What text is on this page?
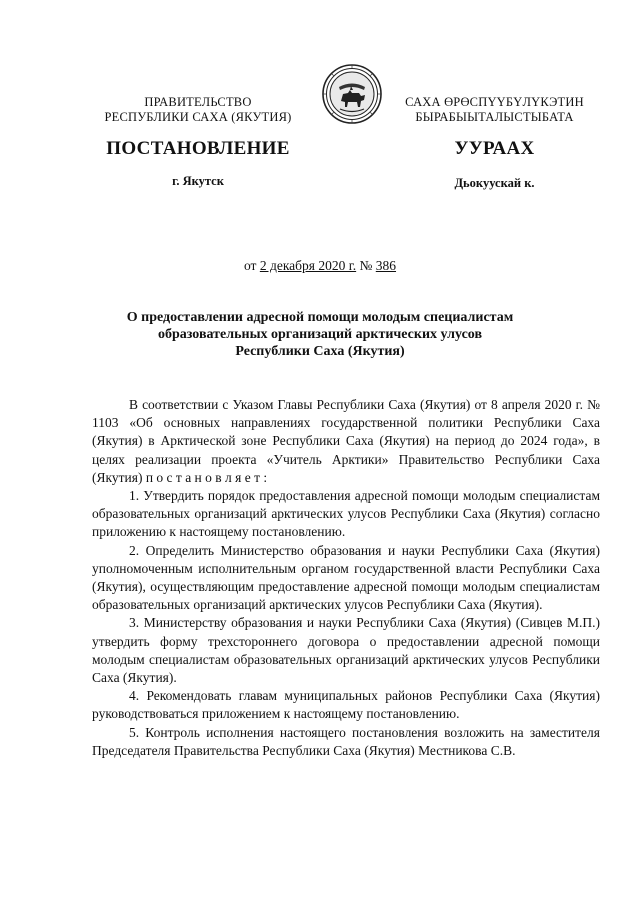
ПРАВИТЕЛЬСТВО
РЕСПУБЛИКИ САХА (ЯКУТИЯ)
САХА ӨРӨСПҮҮБҮЛҮКЭТИН
БЫРАБЫЫТАЛЫСТЫБАТА
ПОСТАНОВЛЕНИЕ	УУРААХ
г. Якутск	Дьокуускай к.
от 2 декабря 2020 г. № 386
О предоставлении адресной помощи молодым специалистам
образовательных организаций арктических улусов
Республики Саха (Якутия)

В соответствии с Указом Главы Республики Саха (Якутия) от 8 апреля 2020 г. № 1103 «Об основных направлениях государственной политики Республики Саха (Якутия) в Арктической зоне Республики Саха (Якутия) на период до 2024 года», в целях реализации проекта «Учитель Арктики» Правительство Республики Саха (Якутия) п о с т а н о в л я е т :

1. Утвердить порядок предоставления адресной помощи молодым специалистам образовательных организаций арктических улусов Республики Саха (Якутия) согласно приложению к настоящему постановлению.

2. Определить Министерство образования и науки Республики Саха (Якутия) уполномоченным исполнительным органом государственной власти Республики Саха (Якутия), осуществляющим предоставление адресной помощи молодым специалистам образовательных организаций арктических улусов Республики Саха (Якутия).

3. Министерству образования и науки Республики Саха (Якутия) (Сивцев М.П.) утвердить форму трехстороннего договора о предоставлении адресной помощи молодым специалистам образовательных организаций арктических улусов Республики Саха (Якутия).

4. Рекомендовать главам муниципальных районов Республики Саха (Якутия) руководствоваться приложением к настоящему постановлению.

5. Контроль исполнения настоящего постановления возложить на заместителя Председателя Правительства Республики Саха (Якутия) Местникова С.В.
